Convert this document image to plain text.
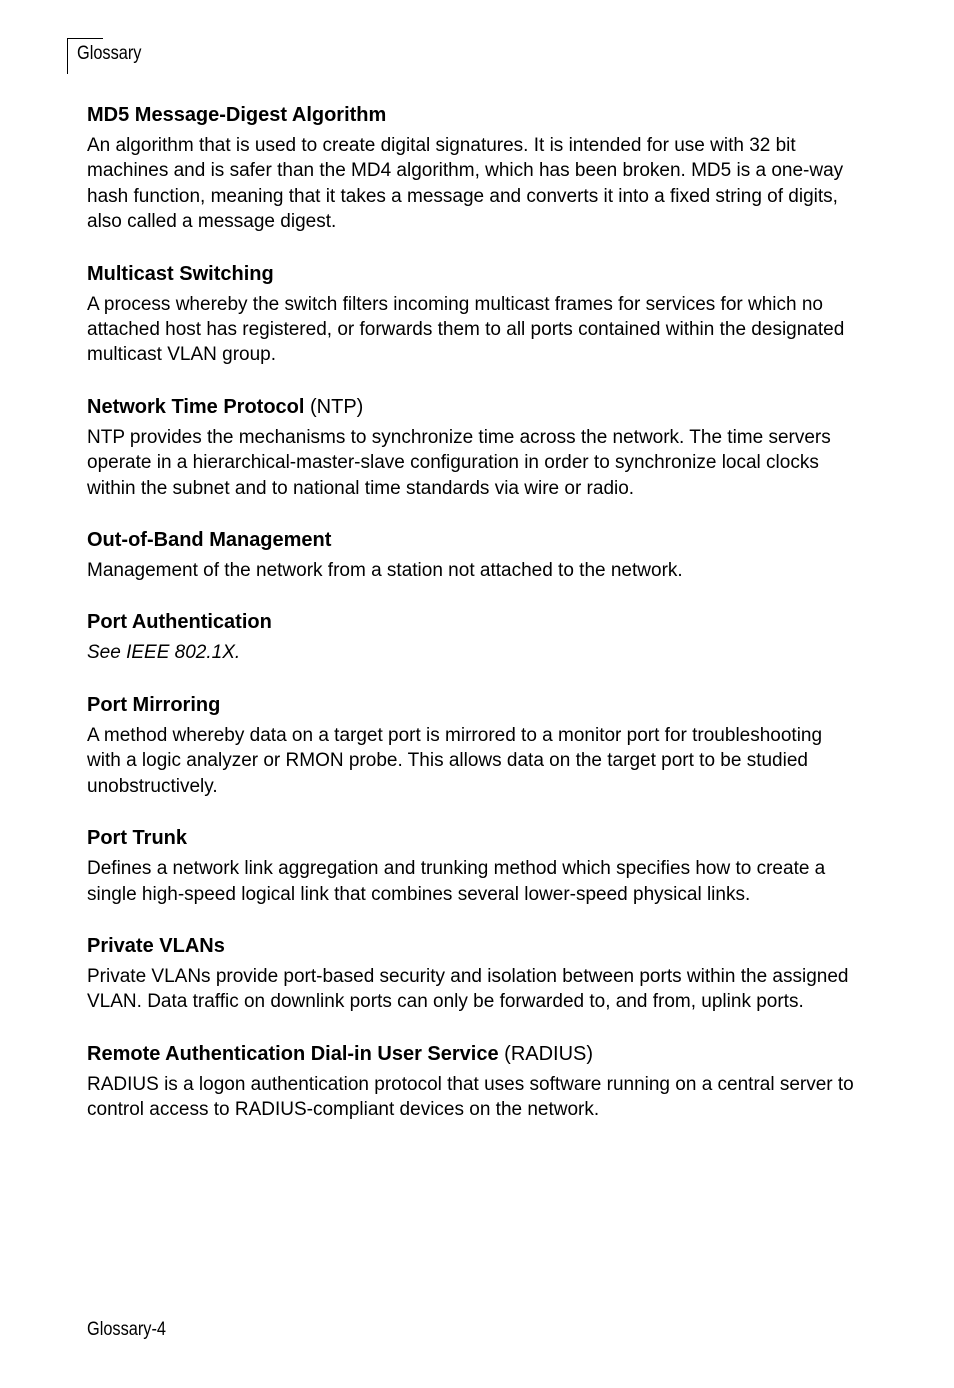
Glossary
MD5 Message-Digest Algorithm

An algorithm that is used to create digital signatures. It is intended for use with 32 bit machines and is safer than the MD4 algorithm, which has been broken. MD5 is a one-way hash function, meaning that it takes a message and converts it into a fixed string of digits, also called a message digest.

Multicast Switching

A process whereby the switch filters incoming multicast frames for services for which no attached host has registered, or forwards them to all ports contained within the designated multicast VLAN group.

Network Time Protocol (NTP)

NTP provides the mechanisms to synchronize time across the network. The time servers operate in a hierarchical-master-slave configuration in order to synchronize local clocks within the subnet and to national time standards via wire or radio.

Out-of-Band Management

Management of the network from a station not attached to the network.

Port Authentication

See IEEE 802.1X.

Port Mirroring

A method whereby data on a target port is mirrored to a monitor port for troubleshooting with a logic analyzer or RMON probe. This allows data on the target port to be studied unobstructively.

Port Trunk

Defines a network link aggregation and trunking method which specifies how to create a single high-speed logical link that combines several lower-speed physical links.

Private VLANs

Private VLANs provide port-based security and isolation between ports within the assigned VLAN. Data traffic on downlink ports can only be forwarded to, and from, uplink ports.

Remote Authentication Dial-in User Service (RADIUS)

RADIUS is a logon authentication protocol that uses software running on a central server to control access to RADIUS-compliant devices on the network.

Glossary-4
